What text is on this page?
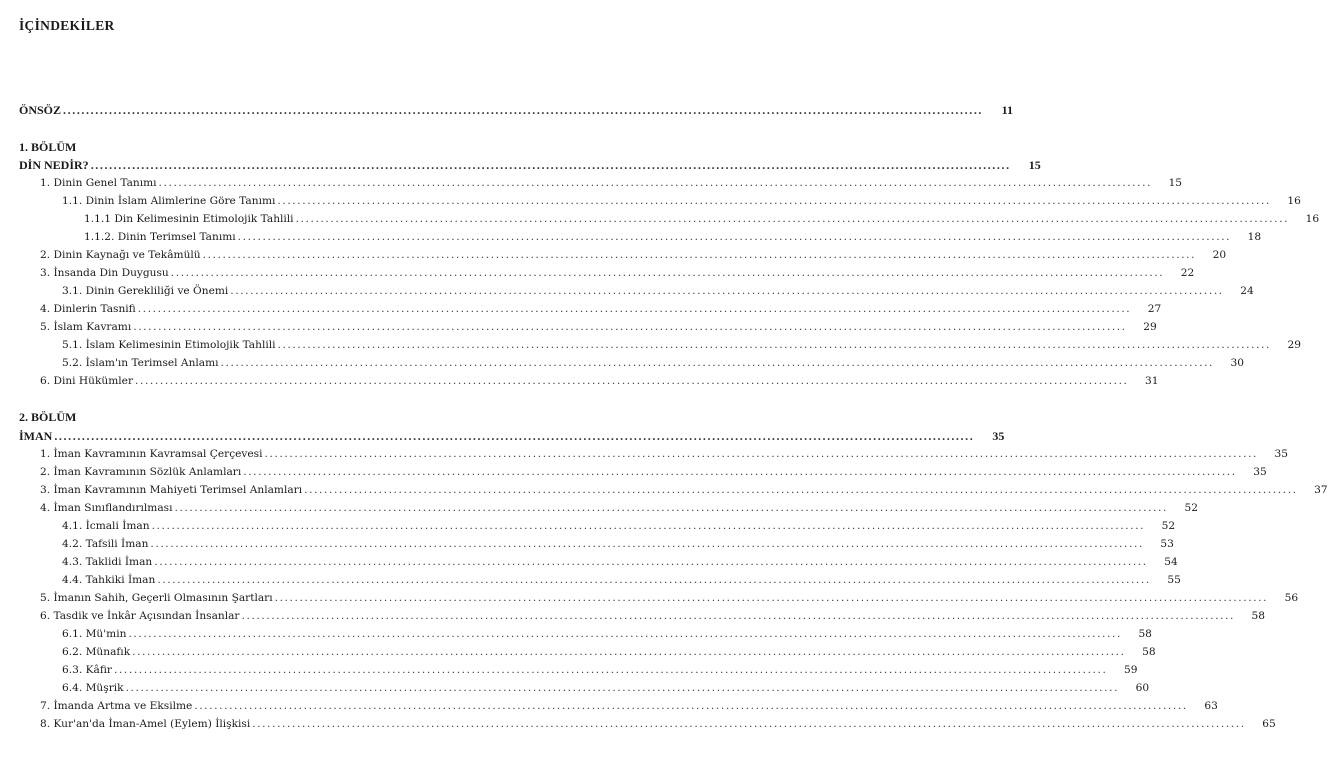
İÇİNDEKİLER
ÖNSÖZ ........................................................................................................................................................................................................	11
1. BÖLÜM
DİN NEDİR? ........................................................................................................................................................................................................	15
1. Dinin Genel Tanımı ........................................................................................................................................................................................................	15
1.1. Dinin İslam Alimlerine Göre Tanımı ........................................................................................................................................................................................................	16
1.1.1 Din Kelimesinin Etimolojik Tahlili ........................................................................................................................................................................................................	16
1.1.2. Dinin Terimsel Tanımı ........................................................................................................................................................................................................	18
2. Dinin Kaynağı ve Tekâmülü ........................................................................................................................................................................................................	20
3. İnsanda Din Duygusu ........................................................................................................................................................................................................	22
3.1. Dinin Gerekliliği ve Önemi ........................................................................................................................................................................................................	24
4. Dinlerin Tasnifi ........................................................................................................................................................................................................	27
5. İslam Kavramı ........................................................................................................................................................................................................	29
5.1. İslam Kelimesinin Etimolojik Tahlili ........................................................................................................................................................................................................	29
5.2. İslam'ın Terimsel Anlamı ........................................................................................................................................................................................................	30
6. Dini Hükümler ........................................................................................................................................................................................................	31
2. BÖLÜM
İMAN ........................................................................................................................................................................................................	35
1. İman Kavramının Kavramsal Çerçevesi ........................................................................................................................................................................................................	35
2. İman Kavramının Sözlük Anlamları ........................................................................................................................................................................................................	35
3. İman Kavramının Mahiyeti Terimsel Anlamları ........................................................................................................................................................................................................	37
4. İman Sınıflandırılması ........................................................................................................................................................................................................	52
4.1. İcmali İman ........................................................................................................................................................................................................	52
4.2. Tafsili İman ........................................................................................................................................................................................................	53
4.3. Taklidi İman ........................................................................................................................................................................................................	54
4.4. Tahkiki İman ........................................................................................................................................................................................................	55
5. İmanın Sahih, Geçerli Olmasının Şartları ........................................................................................................................................................................................................	56
6. Tasdik ve İnkâr Açısından İnsanlar ........................................................................................................................................................................................................	58
6.1. Mü'min ........................................................................................................................................................................................................	58
6.2. Münafık ........................................................................................................................................................................................................	58
6.3. Kâfir ........................................................................................................................................................................................................	59
6.4. Müşrik ........................................................................................................................................................................................................	60
7. İmanda Artma ve Eksilme ........................................................................................................................................................................................................	63
8. Kur'an'da İman-Amel (Eylem) İlişkisi ........................................................................................................................................................................................................	65
